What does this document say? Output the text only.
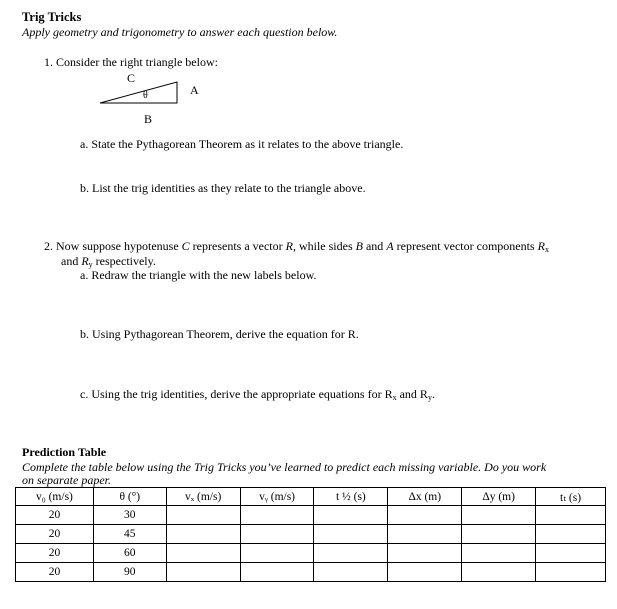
Trig Tricks
Apply geometry and trigonometry to answer each question below.
1. Consider the right triangle below:
C
A
θ
B
a. State the Pythagorean Theorem as it relates to the above triangle.
b. List the trig identities as they relate to the triangle above.
2. Now suppose hypotenuse C represents a vector R, while sides B and A represent vector components $R_x$
and $R_y$ respectively.
a. Redraw the triangle with the new labels below.
b. Using Pythagorean Theorem, derive the equation for R.
c. Using the trig identities, derive the appropriate equations for $R_x$ and $R_y$.
Prediction Table
Complete the table below using the Trig Tricks you’ve learned to predict each missing variable. Do you work
on separate paper.
v₀ (m/s)	θ (°)	vₓ (m/s)	vᵧ (m/s)	t ½ (s)	Δx (m)	Δy (m)	tₜ (s)
20	30						
20	45						
20	60						
20	90						
